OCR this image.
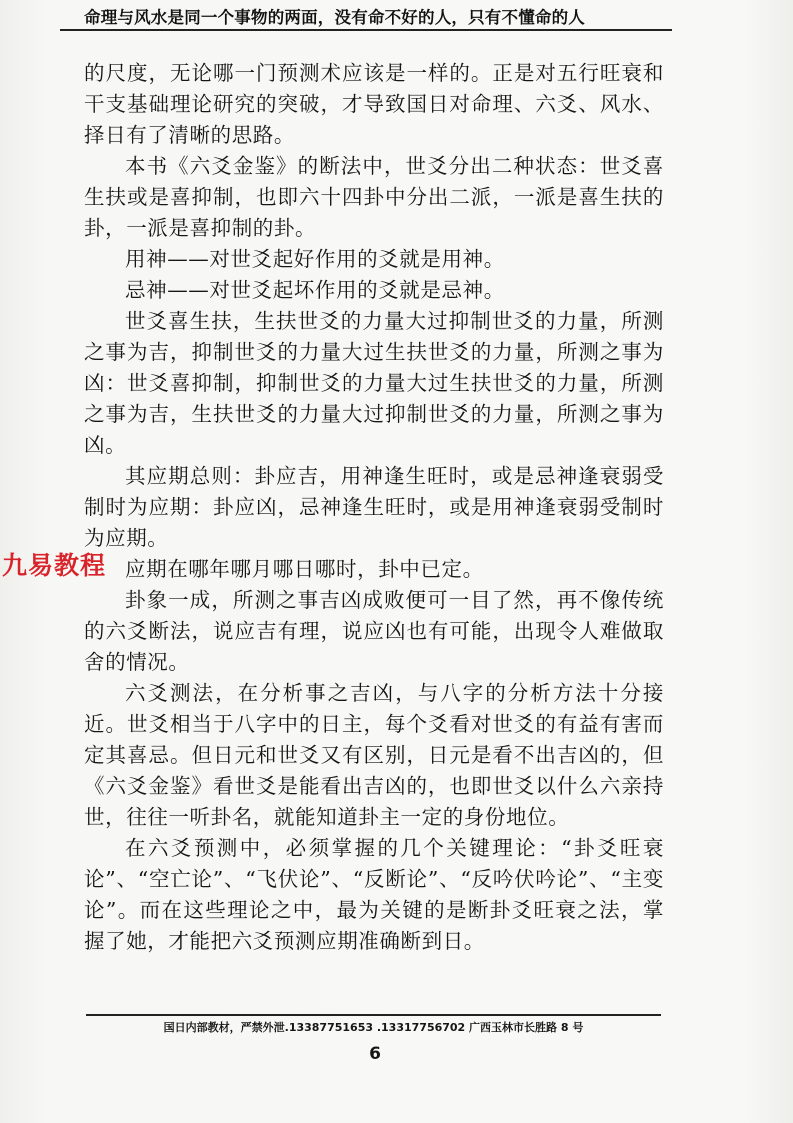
命理与风水是同一个事物的两面，没有命不好的人，只有不懂命的人

的尺度，无论哪一门预测术应该是一样的。正是对五行旺衰和干支基础理论研究的突破，才导致国日对命理、六爻、风水、择日有了清晰的思路。

本书《六爻金鉴》的断法中，世爻分出二种状态：世爻喜生扶或是喜抑制，也即六十四卦中分出二派，一派是喜生扶的卦，一派是喜抑制的卦。

用神——对世爻起好作用的爻就是用神。

忌神——对世爻起坏作用的爻就是忌神。

世爻喜生扶，生扶世爻的力量大过抑制世爻的力量，所测之事为吉，抑制世爻的力量大过生扶世爻的力量，所测之事为凶：世爻喜抑制，抑制世爻的力量大过生扶世爻的力量，所测之事为吉，生扶世爻的力量大过抑制世爻的力量，所测之事为凶。

其应期总则：卦应吉，用神逢生旺时，或是忌神逢衰弱受制时为应期：卦应凶，忌神逢生旺时，或是用神逢衰弱受制时为应期。

应期在哪年哪月哪日哪时，卦中已定。

卦象一成，所测之事吉凶成败便可一目了然，再不像传统的六爻断法，说应吉有理，说应凶也有可能，出现令人难做取舍的情况。

六爻测法，在分析事之吉凶，与八字的分析方法十分接近。世爻相当于八字中的日主，每个爻看对世爻的有益有害而定其喜忌。但日元和世爻又有区别，日元是看不出吉凶的，但《六爻金鉴》看世爻是能看出吉凶的，也即世爻以什么六亲持世，往往一听卦名，就能知道卦主一定的身份地位。

在六爻预测中，必须掌握的几个关键理论：“卦爻旺衰论”、“空亡论”、“飞伏论”、“反断论”、“反吟伏吟论”、“主变论”。而在这些理论之中，最为关键的是断卦爻旺衰之法，掌握了她，才能把六爻预测应期准确断到日。

九易教程
国日内部教材，严禁外泄.13387751653 .13317756702 广西玉林市长胜路 8 号
6
